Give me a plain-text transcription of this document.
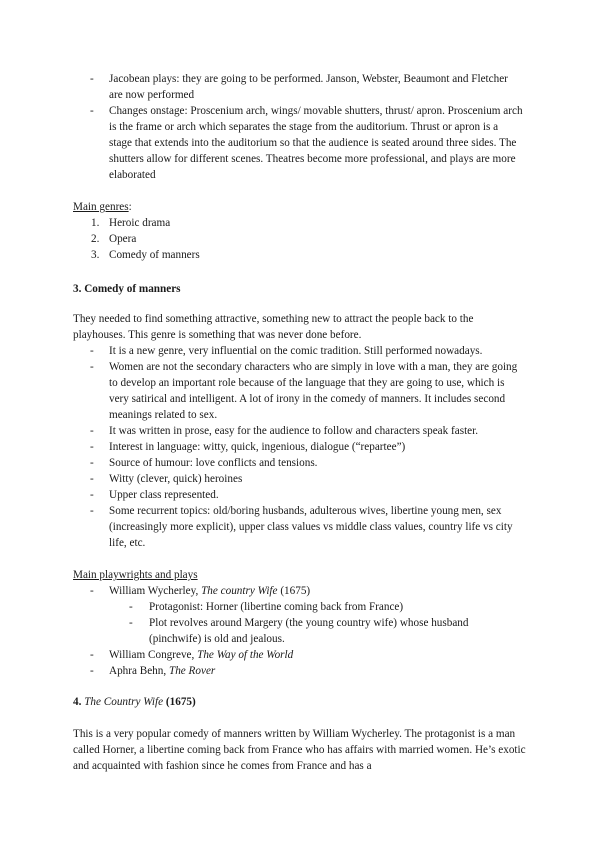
- Jacobean plays: they are going to be performed. Janson, Webster, Beaumont and Fletcher are now performed
- Changes onstage: Proscenium arch, wings/ movable shutters, thrust/ apron. Proscenium arch is the frame or arch which separates the stage from the auditorium. Thrust or apron is a stage that extends into the auditorium so that the audience is seated around three sides. The shutters allow for different scenes. Theatres become more professional, and plays are more elaborated
Main genres:
1. Heroic drama
2. Opera
3. Comedy of manners
3. Comedy of manners

They needed to find something attractive, something new to attract the people back to the playhouses. This genre is something that was never done before.

- It is a new genre, very influential on the comic tradition. Still performed nowadays.
- Women are not the secondary characters who are simply in love with a man, they are going to develop an important role because of the language that they are going to use, which is very satirical and intelligent. A lot of irony in the comedy of manners. It includes second meanings related to sex.
- It was written in prose, easy for the audience to follow and characters speak faster.
- Interest in language: witty, quick, ingenious, dialogue (“repartee”)
- Source of humour: love conflicts and tensions.
- Witty (clever, quick) heroines
- Upper class represented.
- Some recurrent topics: old/boring husbands, adulterous wives, libertine young men, sex (increasingly more explicit), upper class values vs middle class values, country life vs city life, etc.
Main playwrights and plays
- William Wycherley, The country Wife (1675)
- Protagonist: Horner (libertine coming back from France)
- Plot revolves around Margery (the young country wife) whose husband (pinchwife) is old and jealous.
- William Congreve, The Way of the World
- Aphra Behn, The Rover
4. The Country Wife (1675)

This is a very popular comedy of manners written by William Wycherley. The protagonist is a man called Horner, a libertine coming back from France who has affairs with married women. He’s exotic and acquainted with fashion since he comes from France and has a
